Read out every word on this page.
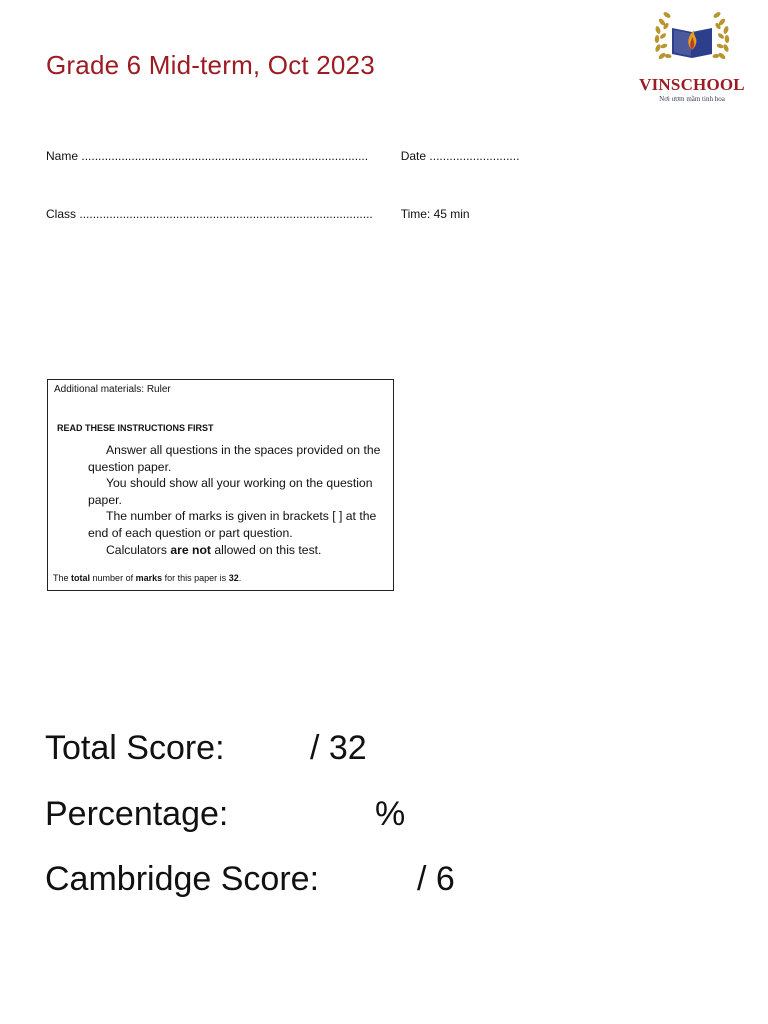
Grade 6 Mid-term, Oct 2023
VINSCHOOL
Nơi ươm mầm tinh hoa
Name ......................................................................................	Date ...........................
Class ........................................................................................ Time: 45 min
Additional materials: Ruler
READ THESE INSTRUCTIONS FIRST
Answer all questions in the spaces provided on the question paper.
You should show all your working on the question paper.
The number of marks is given in brackets [ ] at the end of each question or part question.
Calculators are not allowed on this test.
The total number of marks for this paper is 32.
Total Score:	/ 32
Percentage:	%
Cambridge Score:	/ 6
